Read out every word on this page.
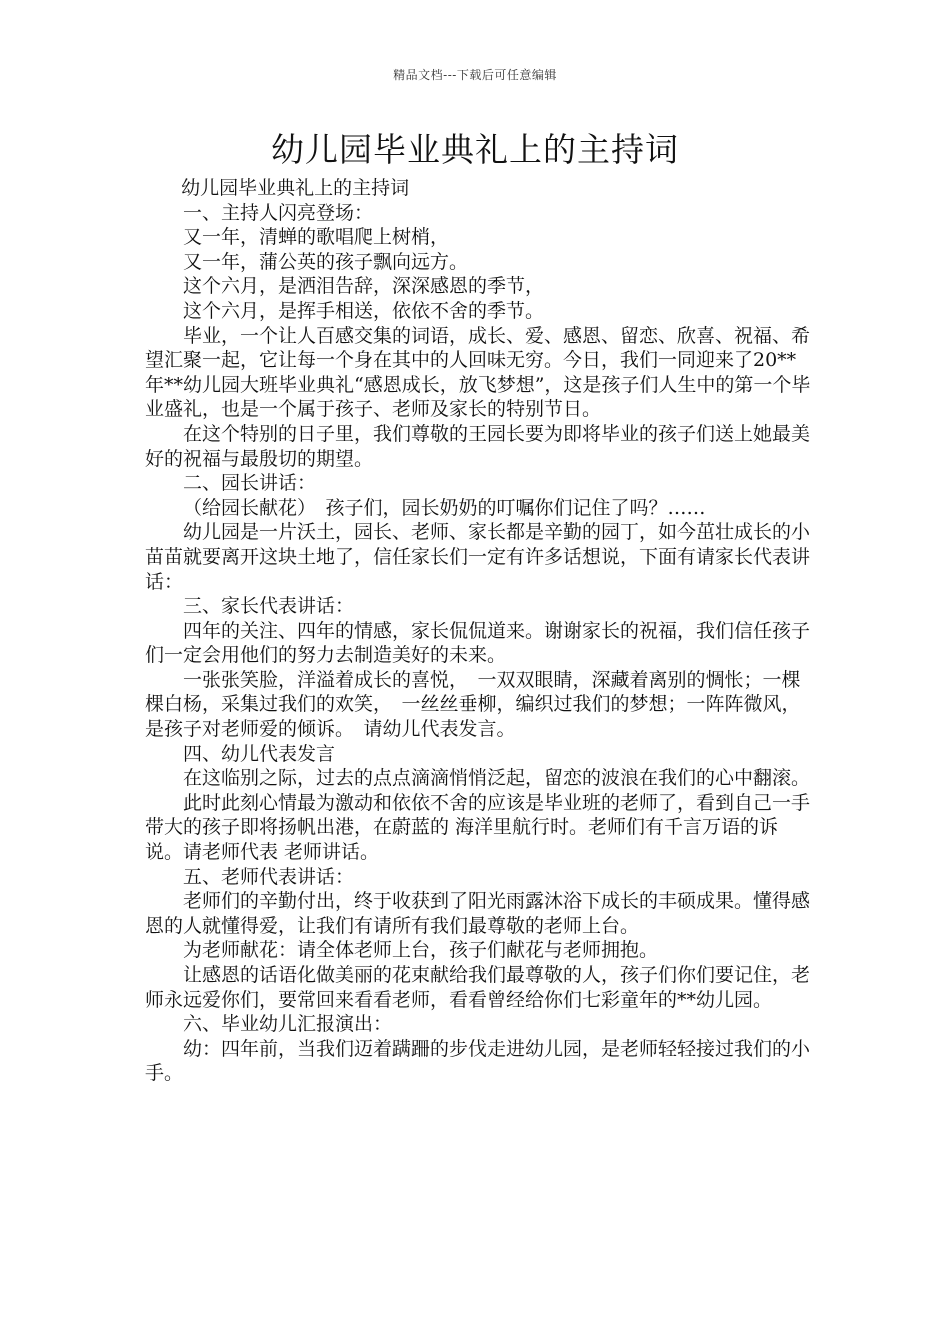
精品文档---下载后可任意编辑
幼儿园毕业典礼上的主持词

幼儿园毕业典礼上的主持词

一、主持人闪亮登场：

又一年，清蝉的歌唱爬上树梢，

又一年，蒲公英的孩子飘向远方。

这个六月，是洒泪告辞，深深感恩的季节，

这个六月，是挥手相送，依依不舍的季节。

毕业，一个让人百感交集的词语，成长、爱、感恩、留恋、欣喜、祝福、希望汇聚一起，它让每一个身在其中的人回味无穷。今日，我们一同迎来了20**年**幼儿园大班毕业典礼“感恩成长，放飞梦想”，这是孩子们人生中的第一个毕业盛礼，也是一个属于孩子、老师及家长的特别节日。

在这个特别的日子里，我们尊敬的王园长要为即将毕业的孩子们送上她最美好的祝福与最殷切的期望。

二、园长讲话：

（给园长献花）　孩子们，园长奶奶的叮嘱你们记住了吗？……

幼儿园是一片沃土，园长、老师、家长都是辛勤的园丁，如今茁壮成长的小苗苗就要离开这块土地了，信任家长们一定有许多话想说，下面有请家长代表讲话：

三、家长代表讲话：

四年的关注、四年的情感，家长侃侃道来。谢谢家长的祝福，我们信任孩子们一定会用他们的努力去制造美好的未来。

一张张笑脸，洋溢着成长的喜悦，　一双双眼睛，深藏着离别的惆怅；一棵棵白杨，采集过我们的欢笑，　一丝丝垂柳，编织过我们的梦想；一阵阵微风，是孩子对老师爱的倾诉。　请幼儿代表发言。

四、幼儿代表发言

在这临别之际，过去的点点滴滴悄悄泛起，留恋的波浪在我们的心中翻滚。

此时此刻心情最为激动和依依不舍的应该是毕业班的老师了，看到自己一手带大的孩子即将扬帆出港，在蔚蓝的 海洋里航行时。老师们有千言万语的诉说。请老师代表 老师讲话。

五、老师代表讲话：

老师们的辛勤付出，终于收获到了阳光雨露沐浴下成长的丰硕成果。懂得感恩的人就懂得爱，让我们有请所有我们最尊敬的老师上台。

为老师献花：请全体老师上台，孩子们献花与老师拥抱。

让感恩的话语化做美丽的花束献给我们最尊敬的人，孩子们你们要记住，老师永远爱你们，要常回来看看老师，看看曾经给你们七彩童年的**幼儿园。

六、毕业幼儿汇报演出：

幼：四年前，当我们迈着蹒跚的步伐走进幼儿园，是老师轻轻接过我们的小手。
